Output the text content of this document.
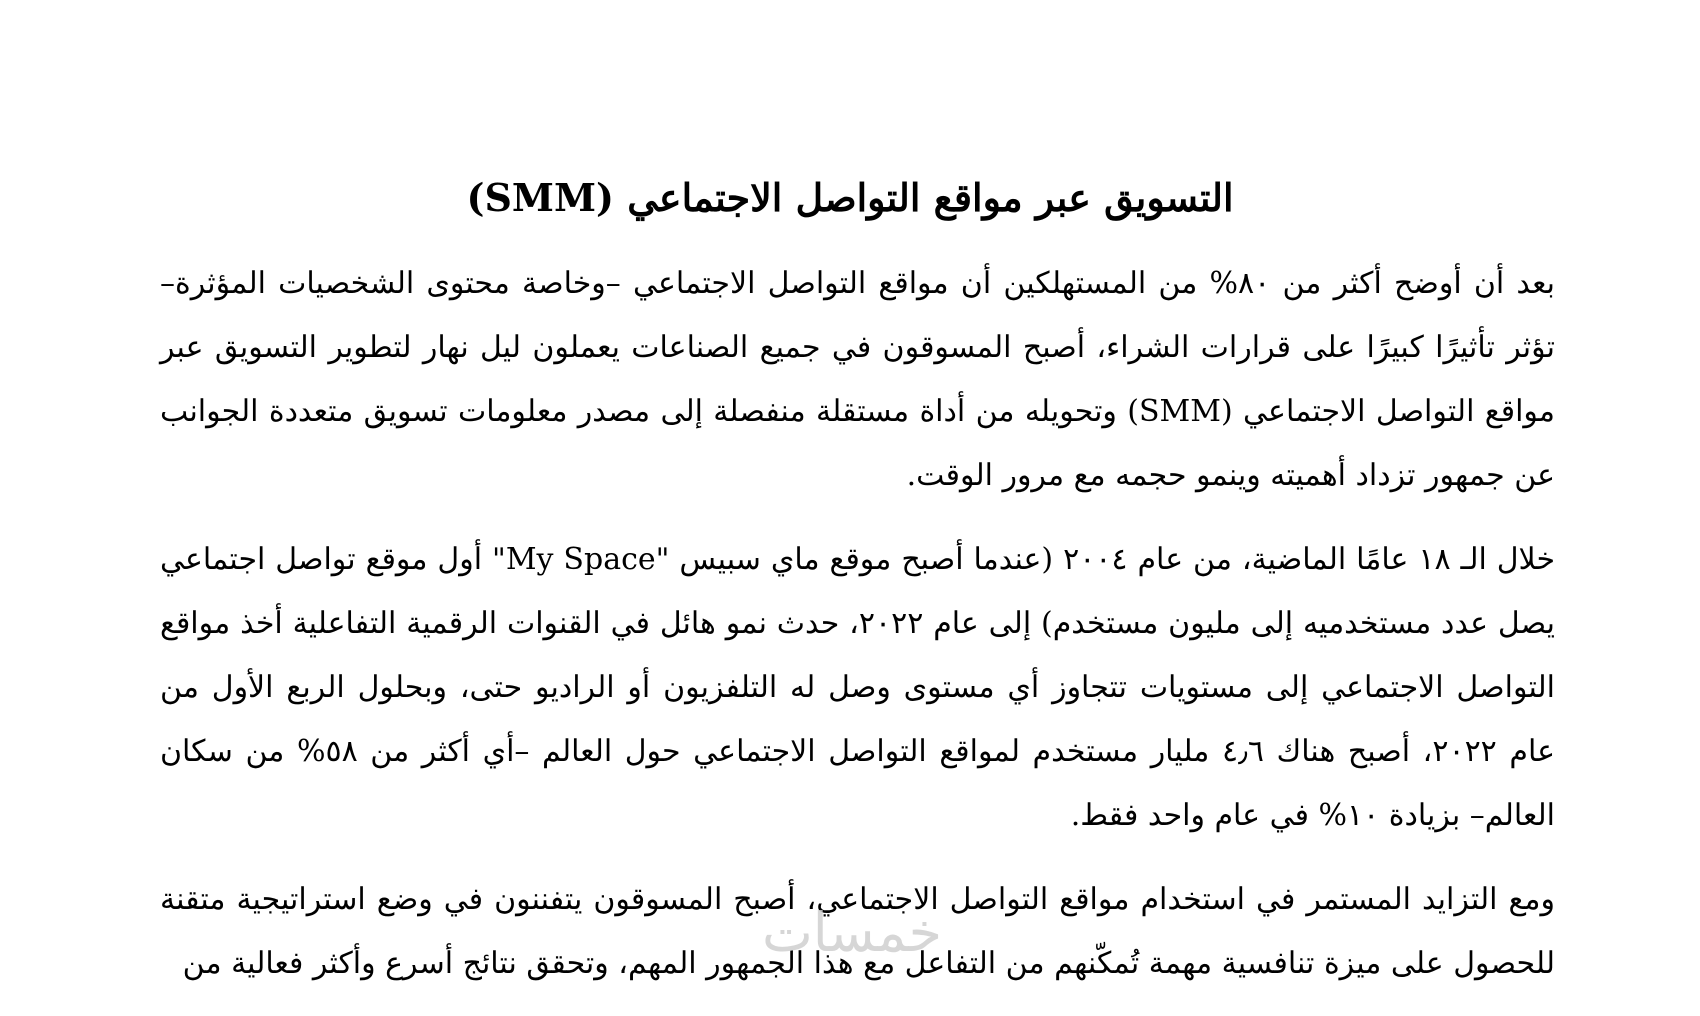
التسويق عبر مواقع التواصل الاجتماعي (SMM)

بعد أن أوضح أكثر من ٨٠% من المستهلكين أن مواقع التواصل الاجتماعي –وخاصة محتوى الشخصيات المؤثرة– تؤثر تأثيرًا كبيرًا على قرارات الشراء، أصبح المسوقون في جميع الصناعات يعملون ليل نهار لتطوير التسويق عبر مواقع التواصل الاجتماعي (SMM) وتحويله من أداة مستقلة منفصلة إلى مصدر معلومات تسويق متعددة الجوانب عن جمهور تزداد أهميته وينمو حجمه مع مرور الوقت.

خلال الـ ١٨ عامًا الماضية، من عام ٢٠٠٤ (عندما أصبح موقع ماي سبيس "My Space" أول موقع تواصل اجتماعي يصل عدد مستخدميه إلى مليون مستخدم) إلى عام ٢٠٢٢، حدث نمو هائل في القنوات الرقمية التفاعلية أخذ مواقع التواصل الاجتماعي إلى مستويات تتجاوز أي مستوى وصل له التلفزيون أو الراديو حتى، وبحلول الربع الأول من عام ٢٠٢٢، أصبح هناك ٤٫٦ مليار مستخدم لمواقع التواصل الاجتماعي حول العالم –أي أكثر من ٥٨% من سكان العالم– بزيادة ١٠% في عام واحد فقط.

ومع التزايد المستمر في استخدام مواقع التواصل الاجتماعي، أصبح المسوقون يتفننون في وضع استراتيجية متقنة للحصول على ميزة تنافسية مهمة تُمكّنهم من التفاعل مع هذا الجمهور المهم، وتحقق نتائج أسرع وأكثر فعالية من

خمسات
